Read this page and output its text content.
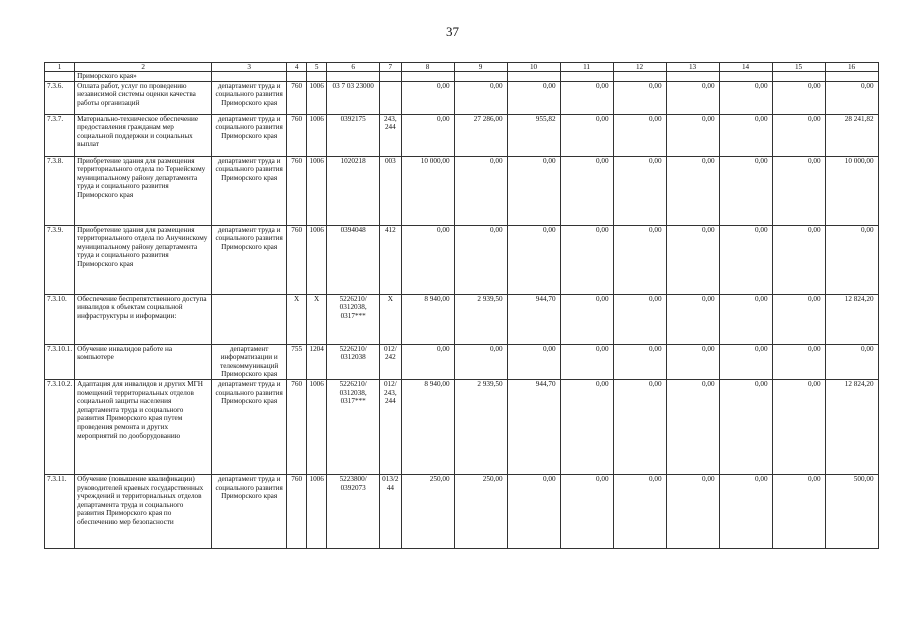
37
1	2	3	4	5	6	7	8	9	10	11	12	13	14	15	16
	Приморского края»														
7.3.6.	Оплата работ, услуг по проведению независимой системы оценки качества работы организаций	департамент труда и социального развития Приморского края	760	1006	03 7 03 23000		0,00	0,00	0,00	0,00	0,00	0,00	0,00	0,00	0,00
7.3.7.	Материально-техническое обеспечение предоставления гражданам мер социальной поддержки и социальных выплат	департамент труда и социального развития Приморского края	760	1006	0392175	243, 244	0,00	27 286,00	955,82	0,00	0,00	0,00	0,00	0,00	28 241,82
7.3.8.	Приобретение здания для размещения территориального отдела по Тернейскому муниципальному району департамента труда и социального развития Приморского края	департамент труда и социального развития Приморского края	760	1006	1020218	003	10 000,00	0,00	0,00	0,00	0,00	0,00	0,00	0,00	10 000,00
7.3.9.	Приобретение здания для размещения территориального отдела по Анучинскому муниципальному району департамента труда и социального развития Приморского края	департамент труда и социального развития Приморского края	760	1006	0394048	412	0,00	0,00	0,00	0,00	0,00	0,00	0,00	0,00	0,00
7.3.10.	Обеспечение беспрепятственного доступа инвалидов к объектам социальной инфраструктуры и информации:		Х	Х	5226210/ 0312038, 0317***	Х	8 940,00	2 939,50	944,70	0,00	0,00	0,00	0,00	0,00	12 824,20
7.3.10.1.	Обучение инвалидов работе на компьютере	департамент информатизации и телекоммуникаций Приморского края	755	1204	5226210/ 0312038	012/ 242	0,00	0,00	0,00	0,00	0,00	0,00	0,00	0,00	0,00
7.3.10.2.	Адаптация для инвалидов и других МГН помещений территориальных отделов социальной защиты населения департамента труда и социального развития Приморского края путем проведения ремонта и других мероприятий по дооборудованию	департамент труда и социального развития Приморского края	760	1006	5226210/ 0312038, 0317***	012/ 243, 244	8 940,00	2 939,50	944,70	0,00	0,00	0,00	0,00	0,00	12 824,20
7.3.11.	Обучение (повышение квалификации) руководителей краевых государственных учреждений и территориальных отделов департамента труда и социального развития Приморского края по обеспечению мер безопасности	департамент труда и социального развития Приморского края	760	1006	5223800/ 0392073	013/2 44	250,00	250,00	0,00	0,00	0,00	0,00	0,00	0,00	500,00
